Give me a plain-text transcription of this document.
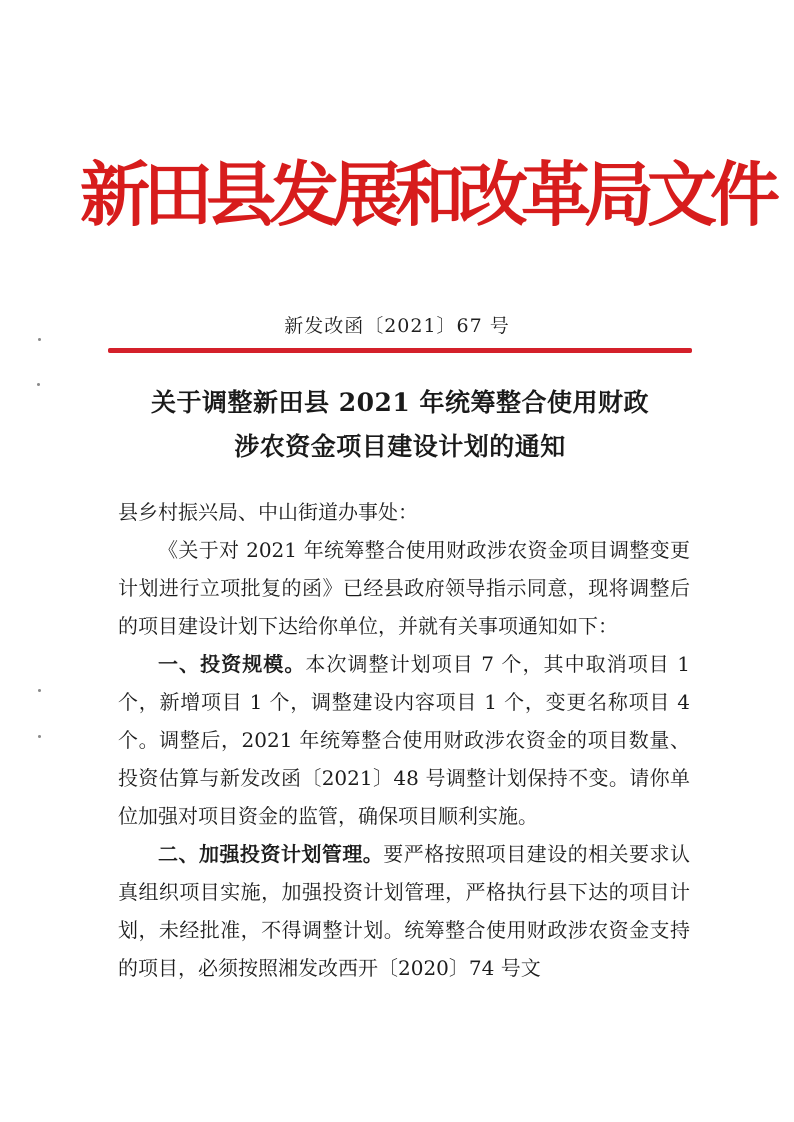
新田县发展和改革局文件
新发改函〔2021〕67 号
关于调整新田县 2021 年统筹整合使用财政
涉农资金项目建设计划的通知

县乡村振兴局、中山街道办事处：

《关于对 2021 年统筹整合使用财政涉农资金项目调整变更计划进行立项批复的函》已经县政府领导指示同意，现将调整后的项目建设计划下达给你单位，并就有关事项通知如下：

一、投资规模。本次调整计划项目 7 个，其中取消项目 1 个，新增项目 1 个，调整建设内容项目 1 个，变更名称项目 4 个。调整后，2021 年统筹整合使用财政涉农资金的项目数量、投资估算与新发改函〔2021〕48 号调整计划保持不变。请你单位加强对项目资金的监管，确保项目顺利实施。

二、加强投资计划管理。要严格按照项目建设的相关要求认真组织项目实施，加强投资计划管理，严格执行县下达的项目计划，未经批准，不得调整计划。统筹整合使用财政涉农资金支持的项目，必须按照湘发改西开〔2020〕74 号文
